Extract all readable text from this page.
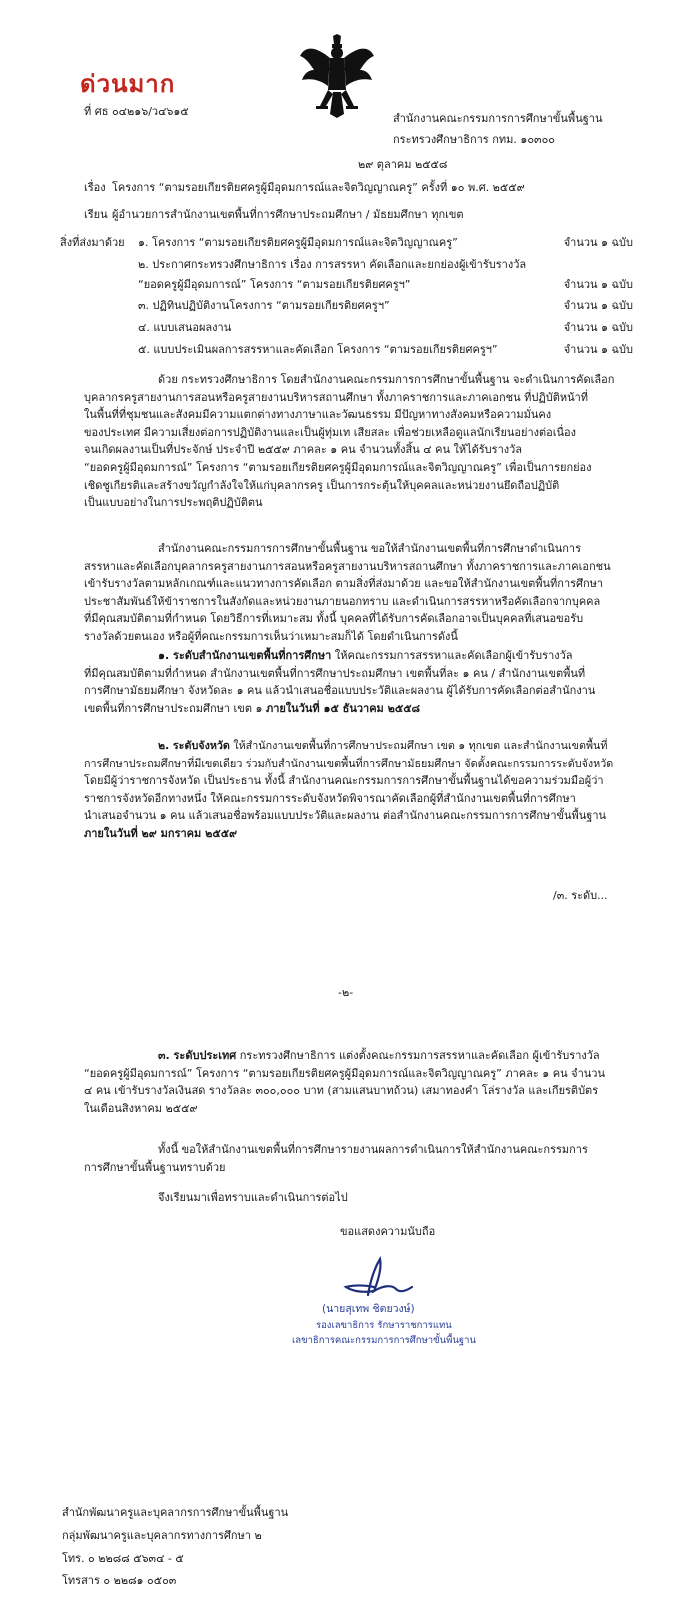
ด่วนมาก
ที่ ศธ ๐๔๒๑๖/ว๔๖๑๕
สำนักงานคณะกรรมการการศึกษาขั้นพื้นฐาน
กระทรวงศึกษาธิการ กทม. ๑๐๓๐๐
๒๙ ตุลาคม ๒๕๕๘
เรื่อง โครงการ “ตามรอยเกียรติยศครูผู้มีอุดมการณ์และจิตวิญญาณครู” ครั้งที่ ๑๐ พ.ศ. ๒๕๕๙
เรียน ผู้อำนวยการสำนักงานเขตพื้นที่การศึกษาประถมศึกษา / มัธยมศึกษา ทุกเขต
สิ่งที่ส่งมาด้วย ๑. โครงการ “ตามรอยเกียรติยศครูผู้มีอุดมการณ์และจิตวิญญาณครู”	จำนวน ๑ ฉบับ
๒. ประกาศกระทรวงศึกษาธิการ เรื่อง การสรรหา คัดเลือกและยกย่องผู้เข้ารับรางวัล
“ยอดครูผู้มีอุดมการณ์” โครงการ “ตามรอยเกียรติยศครูฯ”	จำนวน ๑ ฉบับ
๓. ปฏิทินปฏิบัติงานโครงการ “ตามรอยเกียรติยศครูฯ”	จำนวน ๑ ฉบับ
๔. แบบเสนอผลงาน	จำนวน ๑ ฉบับ
๕. แบบประเมินผลการสรรหาและคัดเลือก โครงการ “ตามรอยเกียรติยศครูฯ”	จำนวน ๑ ฉบับ
ด้วย กระทรวงศึกษาธิการ โดยสำนักงานคณะกรรมการการศึกษาขั้นพื้นฐาน จะดำเนินการคัดเลือก
บุคลากรครูสายงานการสอนหรือครูสายงานบริหารสถานศึกษา ทั้งภาคราชการและภาคเอกชน ที่ปฏิบัติหน้าที่
ในพื้นที่ที่ชุมชนและสังคมมีความแตกต่างทางภาษาและวัฒนธรรม มีปัญหาทางสังคมหรือความมั่นคง
ของประเทศ มีความเสี่ยงต่อการปฏิบัติงานและเป็นผู้ทุ่มเท เสียสละ เพื่อช่วยเหลือดูแลนักเรียนอย่างต่อเนื่อง
จนเกิดผลงานเป็นที่ประจักษ์ ประจำปี ๒๕๕๙ ภาคละ ๑ คน จำนวนทั้งสิ้น ๔ คน ให้ได้รับรางวัล
“ยอดครูผู้มีอุดมการณ์” โครงการ “ตามรอยเกียรติยศครูผู้มีอุดมการณ์และจิตวิญญาณครู” เพื่อเป็นการยกย่อง
เชิดชูเกียรติและสร้างขวัญกำลังใจให้แก่บุคลากรครู เป็นการกระตุ้นให้บุคคลและหน่วยงานยึดถือปฏิบัติ
เป็นแบบอย่างในการประพฤติปฏิบัติตน
สำนักงานคณะกรรมการการศึกษาขั้นพื้นฐาน ขอให้สำนักงานเขตพื้นที่การศึกษาดำเนินการ
สรรหาและคัดเลือกบุคลากรครูสายงานการสอนหรือครูสายงานบริหารสถานศึกษา ทั้งภาคราชการและภาคเอกชน
เข้ารับรางวัลตามหลักเกณฑ์และแนวทางการคัดเลือก ตามสิ่งที่ส่งมาด้วย และขอให้สำนักงานเขตพื้นที่การศึกษา
ประชาสัมพันธ์ให้ข้าราชการในสังกัดและหน่วยงานภายนอกทราบ และดำเนินการสรรหาหรือคัดเลือกจากบุคคล
ที่มีคุณสมบัติตามที่กำหนด โดยวิธีการที่เหมาะสม ทั้งนี้ บุคคลที่ได้รับการคัดเลือกอาจเป็นบุคคลที่เสนอขอรับ
รางวัลด้วยตนเอง หรือผู้ที่คณะกรรมการเห็นว่าเหมาะสมก็ได้ โดยดำเนินการดังนี้
๑. ระดับสำนักงานเขตพื้นที่การศึกษา ให้คณะกรรมการสรรหาและคัดเลือกผู้เข้ารับรางวัล
ที่มีคุณสมบัติตามที่กำหนด สำนักงานเขตพื้นที่การศึกษาประถมศึกษา เขตพื้นที่ละ ๑ คน / สำนักงานเขตพื้นที่
การศึกษามัธยมศึกษา จังหวัดละ ๑ คน แล้วนำเสนอชื่อแบบประวัติและผลงาน ผู้ได้รับการคัดเลือกต่อสำนักงาน
เขตพื้นที่การศึกษาประถมศึกษา เขต ๑ ภายในวันที่ ๑๕ ธันวาคม ๒๕๕๘
๒. ระดับจังหวัด ให้สำนักงานเขตพื้นที่การศึกษาประถมศึกษา เขต ๑ ทุกเขต และสำนักงานเขตพื้นที่
การศึกษาประถมศึกษาที่มีเขตเดียว ร่วมกับสำนักงานเขตพื้นที่การศึกษามัธยมศึกษา จัดตั้งคณะกรรมการระดับจังหวัด
โดยมีผู้ว่าราชการจังหวัด เป็นประธาน ทั้งนี้ สำนักงานคณะกรรมการการศึกษาขั้นพื้นฐานได้ขอความร่วมมือผู้ว่า
ราชการจังหวัดอีกทางหนึ่ง ให้คณะกรรมการระดับจังหวัดพิจารณาคัดเลือกผู้ที่สำนักงานเขตพื้นที่การศึกษา
นำเสนอจำนวน ๑ คน แล้วเสนอชื่อพร้อมแบบประวัติและผลงาน ต่อสำนักงานคณะกรรมการการศึกษาขั้นพื้นฐาน
ภายในวันที่ ๒๙ มกราคม ๒๕๕๙
/๓. ระดับ...
-๒-
๓. ระดับประเทศ กระทรวงศึกษาธิการ แต่งตั้งคณะกรรมการสรรหาและคัดเลือก ผู้เข้ารับรางวัล
“ยอดครูผู้มีอุดมการณ์” โครงการ “ตามรอยเกียรติยศครูผู้มีอุดมการณ์และจิตวิญญาณครู” ภาคละ ๑ คน จำนวน
๔ คน เข้ารับรางวัลเงินสด รางวัลละ ๓๐๐,๐๐๐ บาท (สามแสนบาทถ้วน) เสมาทองคำ โล่รางวัล และเกียรติบัตร
ในเดือนสิงหาคม ๒๕๕๙
ทั้งนี้ ขอให้สำนักงานเขตพื้นที่การศึกษารายงานผลการดำเนินการให้สำนักงานคณะกรรมการ
การศึกษาขั้นพื้นฐานทราบด้วย
จึงเรียนมาเพื่อทราบและดำเนินการต่อไป
ขอแสดงความนับถือ
(นายสุเทพ ชิตยวงษ์)
รองเลขาธิการ รักษาราชการแทน
เลขาธิการคณะกรรมการการศึกษาขั้นพื้นฐาน
สำนักพัฒนาครูและบุคลากรการศึกษาขั้นพื้นฐาน
กลุ่มพัฒนาครูและบุคลากรทางการศึกษา ๒
โทร. ๐ ๒๒๘๘ ๕๖๓๔ - ๕
โทรสาร ๐ ๒๒๘๑ ๐๕๐๓
